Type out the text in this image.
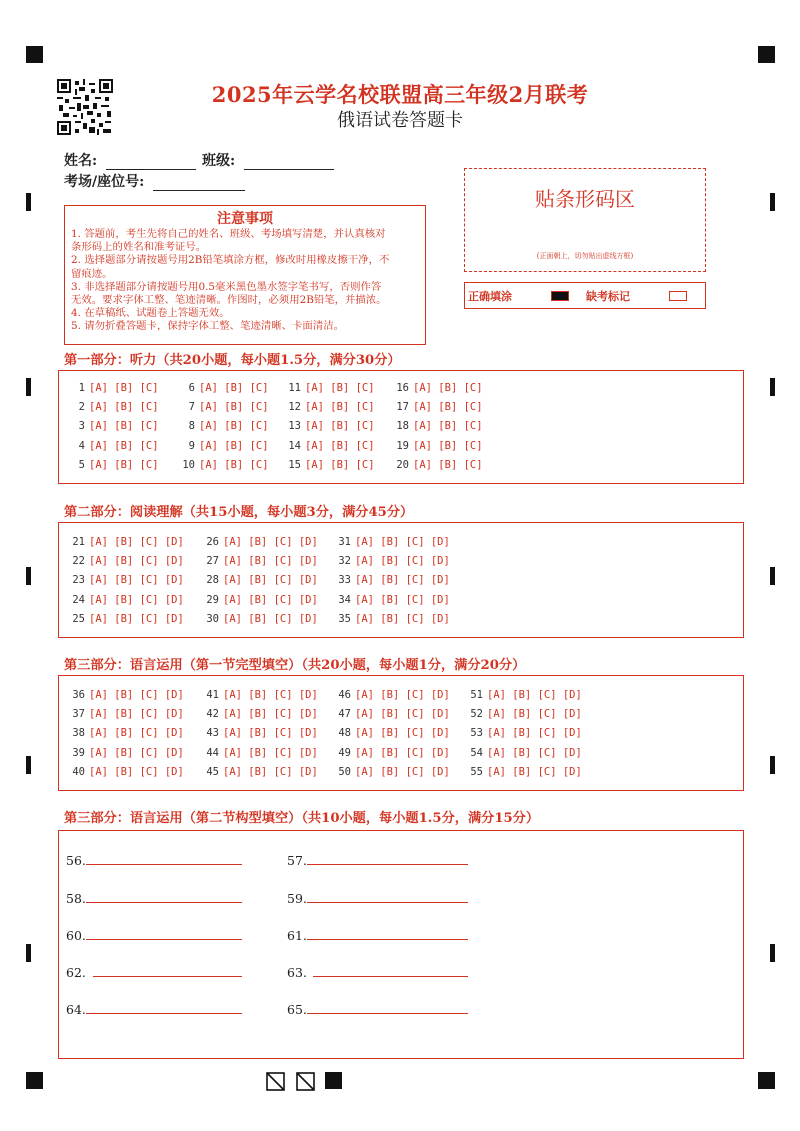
2025年云学名校联盟高三年级2月联考
俄语试卷答题卡
姓名:	班级:
考场/座位号:
注意事项
1. 答题前，考生先将自己的姓名、班级、考场填写清楚，并认真核对
条形码上的姓名和准考证号。
2. 选择题部分请按题号用2B铅笔填涂方框，修改时用橡皮擦干净，不
留痕迹。
3. 非选择题部分请按题号用0.5毫米黑色墨水签字笔书写，否则作答
无效。要求字体工整、笔迹清晰。作图时，必须用2B铅笔，并描浓。
4. 在草稿纸、试题卷上答题无效。
5. 请勿折叠答题卡，保持字体工整、笔迹清晰、卡面清洁。
贴条形码区
(正面朝上，切勿贴出虚线方框)
正确填涂	缺考标记
第一部分：听力（共20小题，每小题1.5分，满分30分）
1 [A] [B] [C]
2 [A] [B] [C]
3 [A] [B] [C]
4 [A] [B] [C]
5 [A] [B] [C]
6 [A] [B] [C]
7 [A] [B] [C]
8 [A] [B] [C]
9 [A] [B] [C]
10 [A] [B] [C]
11 [A] [B] [C]
12 [A] [B] [C]
13 [A] [B] [C]
14 [A] [B] [C]
15 [A] [B] [C]
16 [A] [B] [C]
17 [A] [B] [C]
18 [A] [B] [C]
19 [A] [B] [C]
20 [A] [B] [C]
第二部分：阅读理解（共15小题，每小题3分，满分45分）
21 [A] [B] [C] [D]
22 [A] [B] [C] [D]
23 [A] [B] [C] [D]
24 [A] [B] [C] [D]
25 [A] [B] [C] [D]
26 [A] [B] [C] [D]
27 [A] [B] [C] [D]
28 [A] [B] [C] [D]
29 [A] [B] [C] [D]
30 [A] [B] [C] [D]
31 [A] [B] [C] [D]
32 [A] [B] [C] [D]
33 [A] [B] [C] [D]
34 [A] [B] [C] [D]
35 [A] [B] [C] [D]
第三部分：语言运用（第一节完型填空）（共20小题，每小题1分，满分20分）
36 [A] [B] [C] [D]
37 [A] [B] [C] [D]
38 [A] [B] [C] [D]
39 [A] [B] [C] [D]
40 [A] [B] [C] [D]
41 [A] [B] [C] [D]
42 [A] [B] [C] [D]
43 [A] [B] [C] [D]
44 [A] [B] [C] [D]
45 [A] [B] [C] [D]
46 [A] [B] [C] [D]
47 [A] [B] [C] [D]
48 [A] [B] [C] [D]
49 [A] [B] [C] [D]
50 [A] [B] [C] [D]
51 [A] [B] [C] [D]
52 [A] [B] [C] [D]
53 [A] [B] [C] [D]
54 [A] [B] [C] [D]
55 [A] [B] [C] [D]
第三部分：语言运用（第二节构型填空）（共10小题，每小题1.5分，满分15分）
56.	57.
58.	59.
60.	61.
62.	63.
64.	65.
